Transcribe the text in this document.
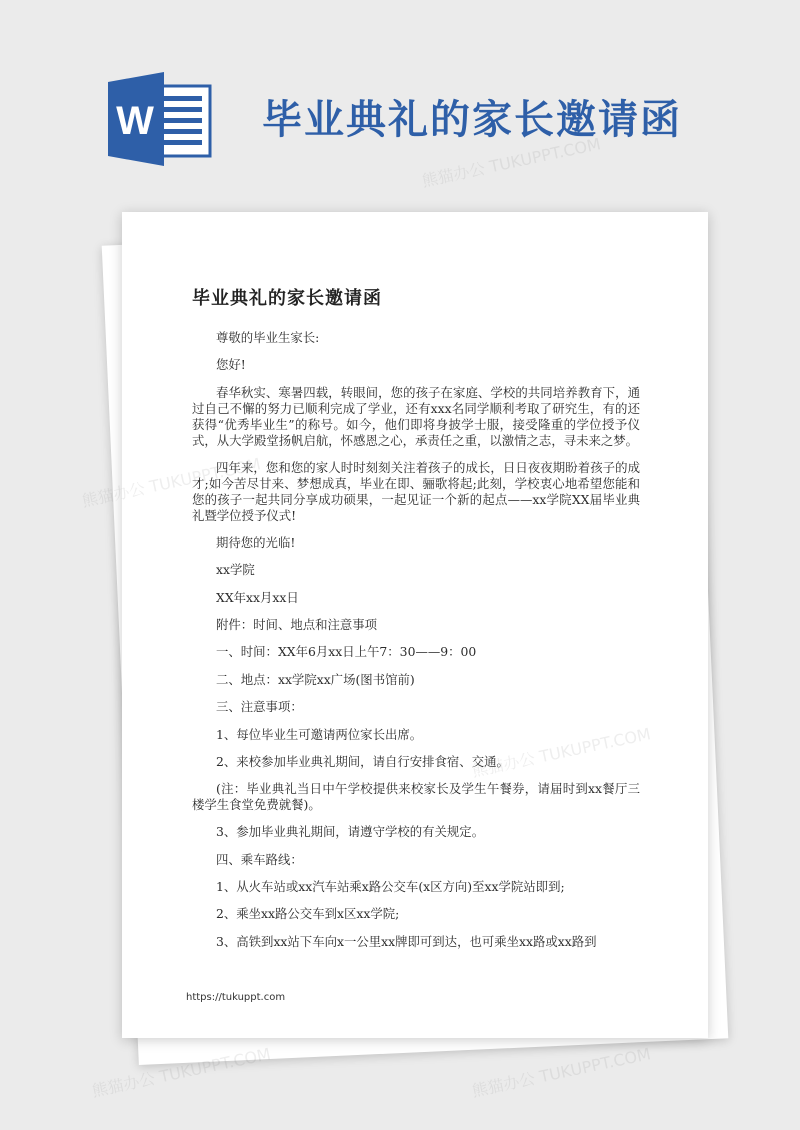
W	毕业典礼的家长邀请函
毕业典礼的家长邀请函

尊敬的毕业生家长:

您好!

春华秋实、寒暑四载，转眼间，您的孩子在家庭、学校的共同培养教育下，通过自己不懈的努力已顺利完成了学业，还有xxx名同学顺利考取了研究生，有的还获得“优秀毕业生”的称号。如今，他们即将身披学士服，接受隆重的学位授予仪式，从大学殿堂扬帆启航，怀感恩之心，承责任之重，以激情之志，寻未来之梦。

四年来，您和您的家人时时刻刻关注着孩子的成长，日日夜夜期盼着孩子的成才;如今苦尽甘来、梦想成真，毕业在即、骊歌将起;此刻，学校衷心地希望您能和您的孩子一起共同分享成功硕果，一起见证一个新的起点——xx学院XX届毕业典礼暨学位授予仪式!

期待您的光临!

xx学院

XX年xx月xx日

附件：时间、地点和注意事项

一、时间：XX年6月xx日上午7：30——9：00

二、地点：xx学院xx广场(图书馆前)

三、注意事项：

1、每位毕业生可邀请两位家长出席。

2、来校参加毕业典礼期间，请自行安排食宿、交通。

(注：毕业典礼当日中午学校提供来校家长及学生午餐券，请届时到xx餐厅三楼学生食堂免费就餐)。

3、参加毕业典礼期间，请遵守学校的有关规定。

四、乘车路线：

1、从火车站或xx汽车站乘x路公交车(x区方向)至xx学院站即到;

2、乘坐xx路公交车到x区xx学院;

3、高铁到xx站下车向x一公里xx牌即可到达，也可乘坐xx路或xx路到

https://tukuppt.com
熊猫办公 TUKUPPT.COM
熊猫办公 TUKUPPT.COM	熊猫办公 TUKUPPT.COM
